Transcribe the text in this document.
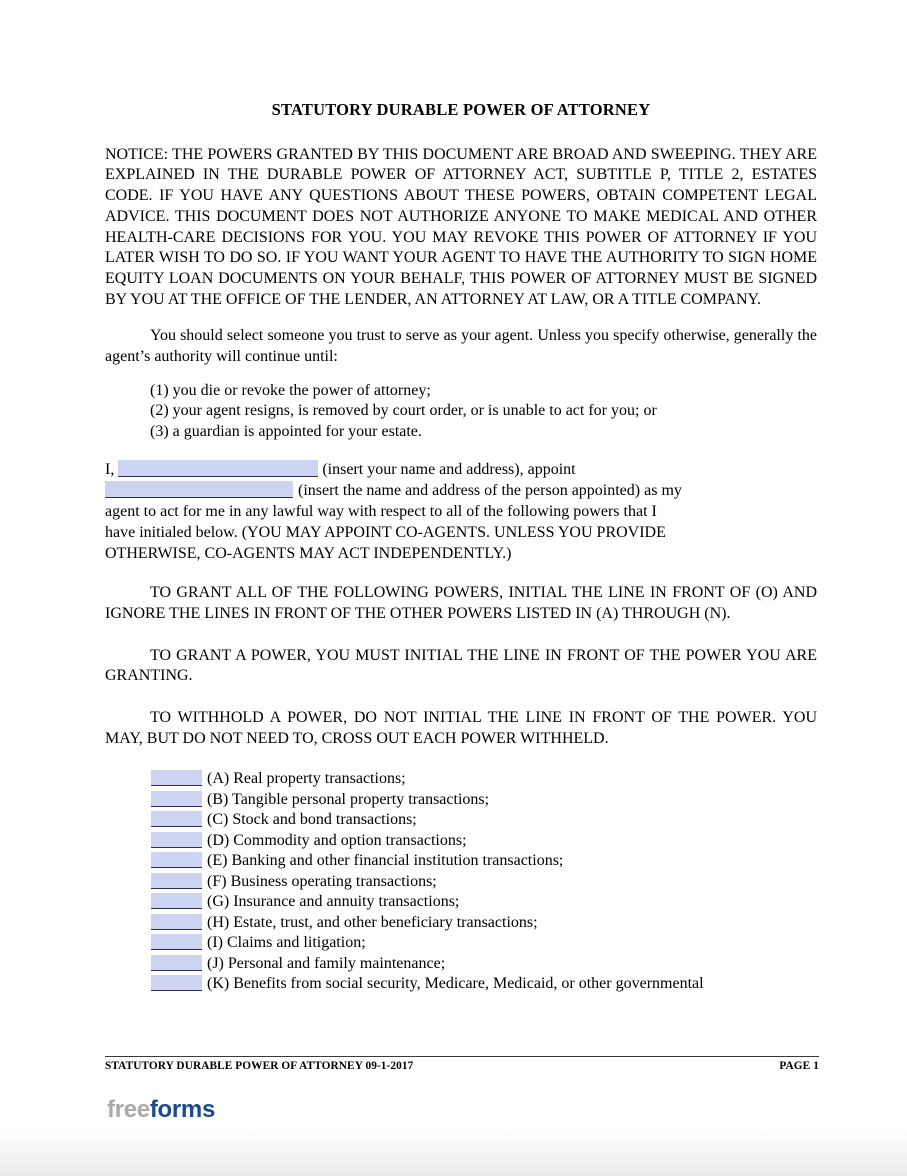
STATUTORY DURABLE POWER OF ATTORNEY

NOTICE: THE POWERS GRANTED BY THIS DOCUMENT ARE BROAD AND SWEEPING. THEY ARE EXPLAINED IN THE DURABLE POWER OF ATTORNEY ACT, SUBTITLE P, TITLE 2, ESTATES CODE. IF YOU HAVE ANY QUESTIONS ABOUT THESE POWERS, OBTAIN COMPETENT LEGAL ADVICE. THIS DOCUMENT DOES NOT AUTHORIZE ANYONE TO MAKE MEDICAL AND OTHER HEALTH-CARE DECISIONS FOR YOU. YOU MAY REVOKE THIS POWER OF ATTORNEY IF YOU LATER WISH TO DO SO. IF YOU WANT YOUR AGENT TO HAVE THE AUTHORITY TO SIGN HOME EQUITY LOAN DOCUMENTS ON YOUR BEHALF, THIS POWER OF ATTORNEY MUST BE SIGNED BY YOU AT THE OFFICE OF THE LENDER, AN ATTORNEY AT LAW, OR A TITLE COMPANY.

You should select someone you trust to serve as your agent. Unless you specify otherwise, generally the agent’s authority will continue until:

(1) you die or revoke the power of attorney;
(2) your agent resigns, is removed by court order, or is unable to act for you; or
(3) a guardian is appointed for your estate.
I,	(insert your name and address), appoint
(insert the name and address of the person appointed) as my
agent to act for me in any lawful way with respect to all of the following powers that I
have initialed below. (YOU MAY APPOINT CO-AGENTS. UNLESS YOU PROVIDE
OTHERWISE, CO-AGENTS MAY ACT INDEPENDENTLY.)

TO GRANT ALL OF THE FOLLOWING POWERS, INITIAL THE LINE IN FRONT OF (O) AND IGNORE THE LINES IN FRONT OF THE OTHER POWERS LISTED IN (A) THROUGH (N).

TO GRANT A POWER, YOU MUST INITIAL THE LINE IN FRONT OF THE POWER YOU ARE GRANTING.

TO WITHHOLD A POWER, DO NOT INITIAL THE LINE IN FRONT OF THE POWER. YOU MAY, BUT DO NOT NEED TO, CROSS OUT EACH POWER WITHHELD.

(A) Real property transactions;
(B) Tangible personal property transactions;
(C) Stock and bond transactions;
(D) Commodity and option transactions;
(E) Banking and other financial institution transactions;
(F) Business operating transactions;
(G) Insurance and annuity transactions;
(H) Estate, trust, and other beneficiary transactions;
(I) Claims and litigation;
(J) Personal and family maintenance;
(K) Benefits from social security, Medicare, Medicaid, or other governmental
STATUTORY DURABLE POWER OF ATTORNEY 09-1-2017	PAGE 1
freeforms
